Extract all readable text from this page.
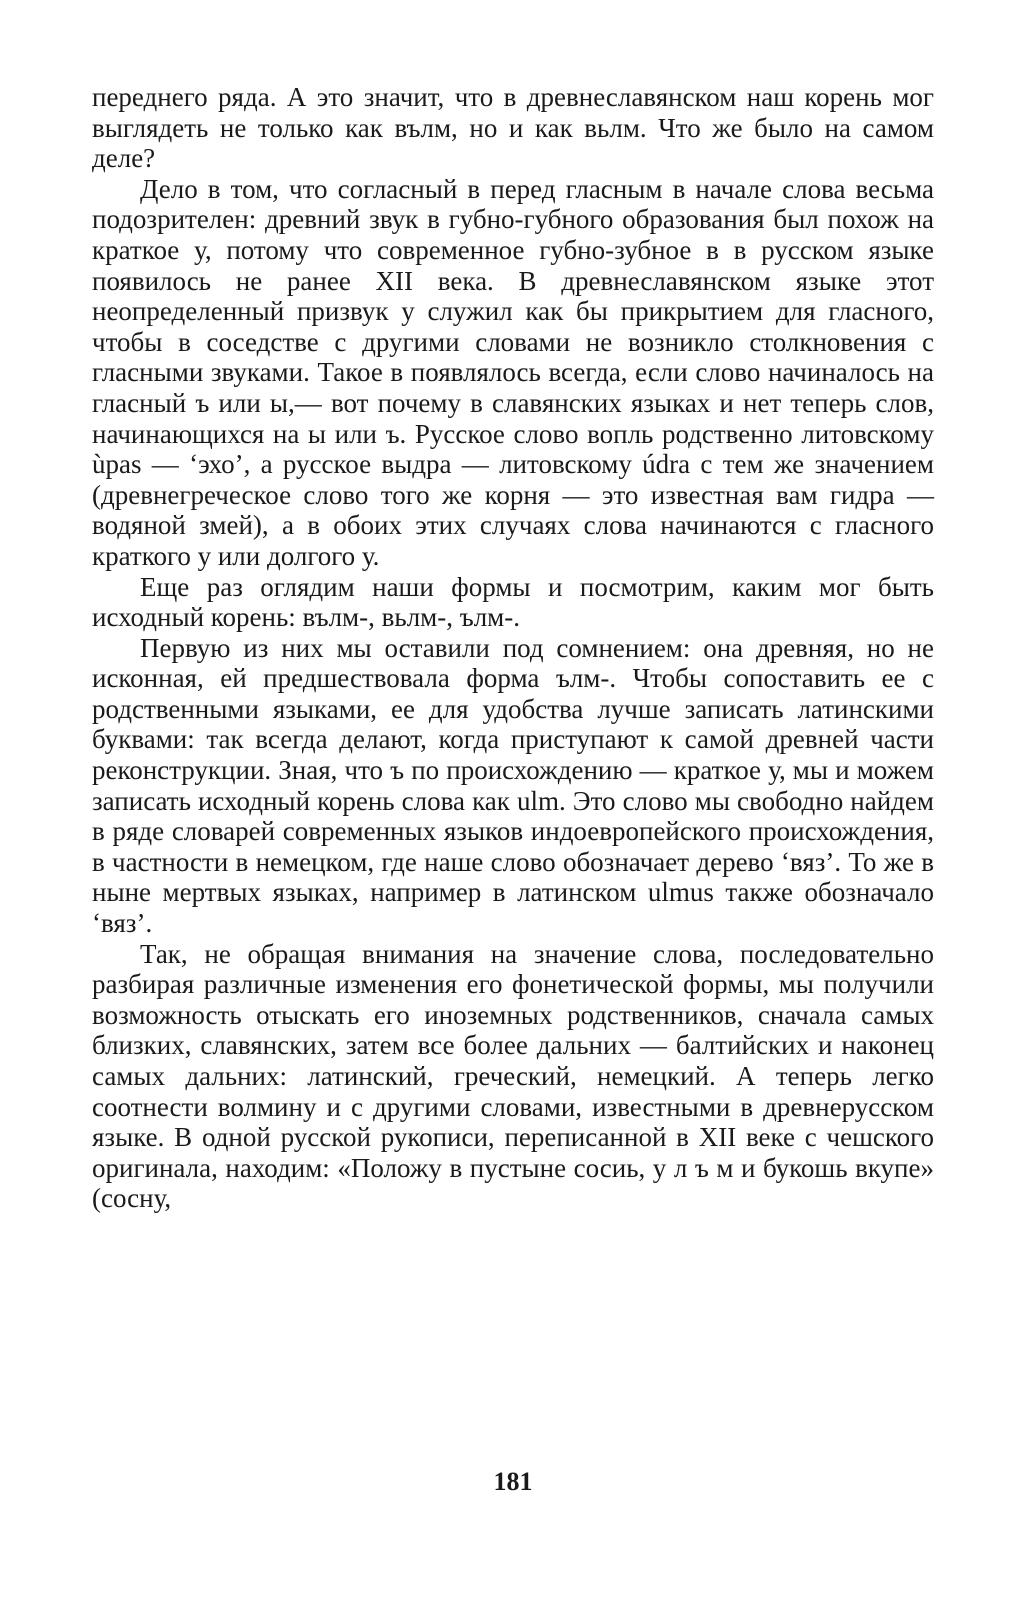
переднего ряда. А это значит, что в древнеславянском наш корень мог выглядеть не только как вълм, но и как вьлм. Что же было на самом деле?

Дело в том, что согласный в перед гласным в начале слова весьма подозрителен: древний звук в губно-губного образования был похож на краткое у, потому что современное губно-зубное в в русском языке появилось не ранее XII века. В древнеславянском языке этот неопределенный призвук у служил как бы прикрытием для гласного, чтобы в соседстве с другими словами не возникло столкновения с гласными звуками. Такое в появлялось всегда, если слово начиналось на гласный ъ или ы,— вот почему в славянских языках и нет теперь слов, начинающихся на ы или ъ. Русское слово вопль родственно литовскому ùpas — ‘эхо’, а русское выдра — литовскому údra с тем же значением (древнегреческое слово того же корня — это известная вам гидра — водяной змей), а в обоих этих случаях слова начинаются с гласного краткого у или долгого у.

Еще раз оглядим наши формы и посмотрим, каким мог быть исходный корень: вълм-, вьлм-, ълм-.

Первую из них мы оставили под сомнением: она древняя, но не исконная, ей предшествовала форма ълм-. Чтобы сопоставить ее с родственными языками, ее для удобства лучше записать латинскими буквами: так всегда делают, когда приступают к самой древней части реконструкции. Зная, что ъ по происхождению — краткое у, мы и можем записать исходный корень слова как ulm. Это слово мы свободно найдем в ряде словарей современных языков индоевропейского происхождения, в частности в немецком, где наше слово обозначает дерево ‘вяз’. То же в ныне мертвых языках, например в латинском ulmus также обозначало ‘вяз’.

Так, не обращая внимания на значение слова, последовательно разбирая различные изменения его фонетической формы, мы получили возможность отыскать его иноземных родственников, сначала самых близких, славянских, затем все более дальних — балтийских и наконец самых дальних: латинский, греческий, немецкий. А теперь легко соотнести волмину и с другими словами, известными в древнерусском языке. В одной русской рукописи, переписанной в XII веке с чешского оригинала, находим: «Положу в пустыне сосиь, у л ъ м и букошь вкупе» (сосну,

181
